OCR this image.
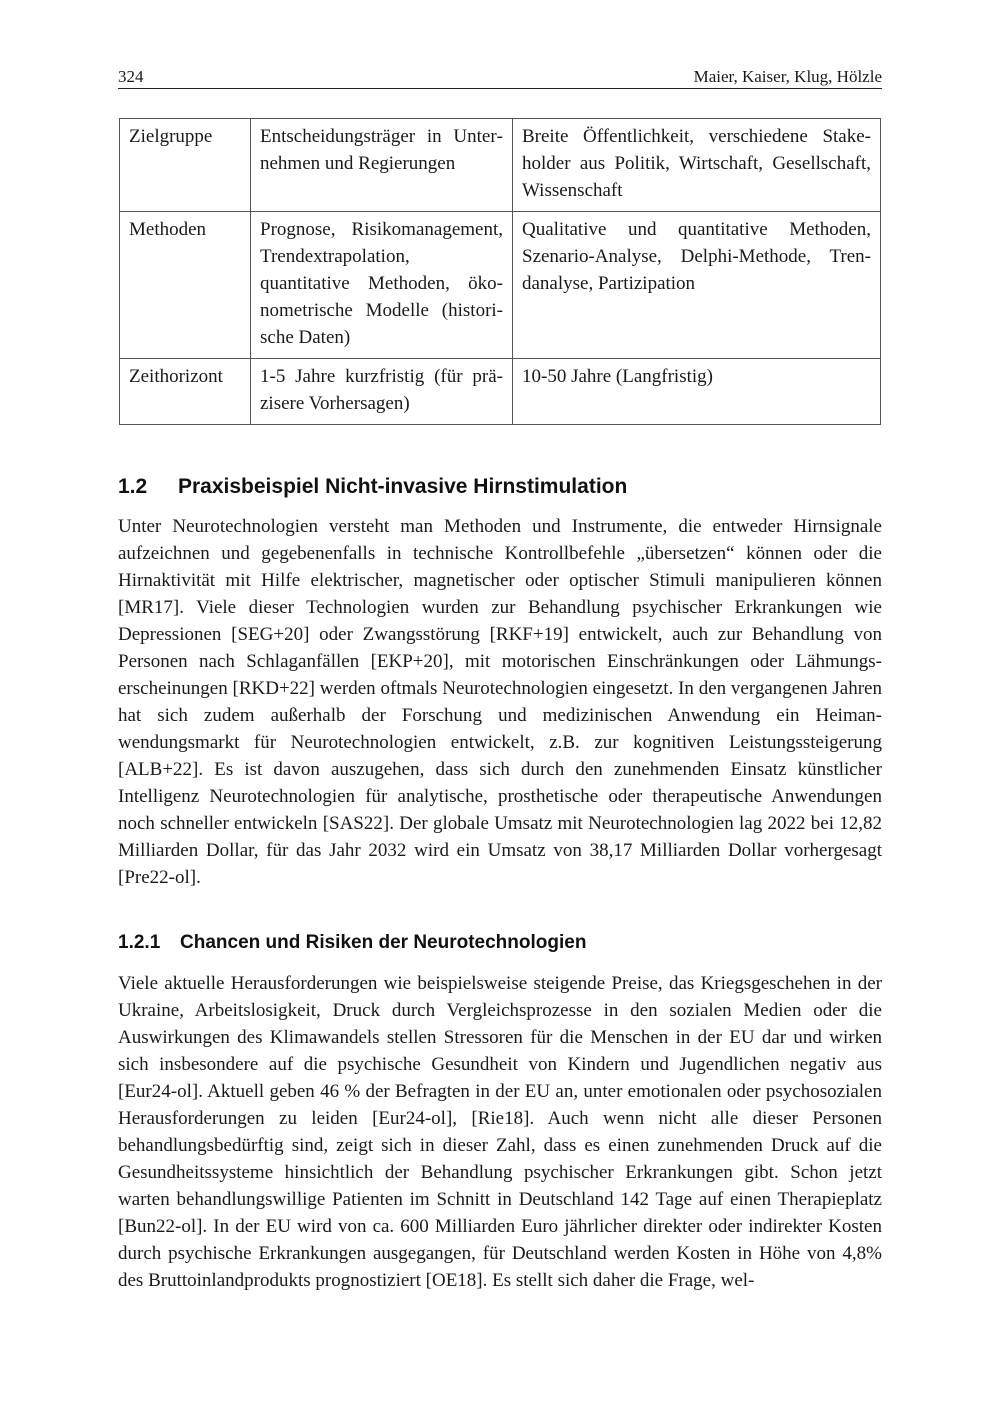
324	Maier, Kaiser, Klug, Hölzle
Zielgruppe	Entscheidungsträger in Unternehmen und Regierungen	Breite Öffentlichkeit, verschiedene Stakeholder aus Politik, Wirtschaft, Gesellschaft, Wissenschaft
Methoden	Prognose, Risikomanagement, Trendextrapolation, quantitative Methoden, ökonometrische Modelle (historische Daten)	Qualitative und quantitative Methoden, Szenario-Analyse, Delphi-Methode, Trendanalyse, Partizipation
Zeithorizont	1-5 Jahre kurzfristig (für präzisere Vorhersagen)	10-50 Jahre (Langfristig)
1.2 Praxisbeispiel Nicht-invasive Hirnstimulation

Unter Neurotechnologien versteht man Methoden und Instrumente, die entweder Hirnsignale aufzeichnen und gegebenenfalls in technische Kontrollbefehle „übersetzen“ können oder die Hirnaktivität mit Hilfe elektrischer, magnetischer oder optischer Stimuli manipulieren können [MR17]. Viele dieser Technologien wurden zur Behandlung psychischer Erkrankungen wie Depressionen [SEG+20] oder Zwangsstörung [RKF+19] entwickelt, auch zur Behandlung von Personen nach Schlaganfällen [EKP+20], mit motorischen Einschränkungen oder Lähmungserscheinungen [RKD+22] werden oftmals Neurotechnologien eingesetzt. In den vergangenen Jahren hat sich zudem außerhalb der Forschung und medizinischen Anwendung ein Heimanwendungsmarkt für Neurotechnologien entwickelt, z.B. zur kognitiven Leistungssteigerung [ALB+22]. Es ist davon auszugehen, dass sich durch den zunehmenden Einsatz künstlicher Intelligenz Neurotechnologien für analytische, prosthetische oder therapeutische Anwendungen noch schneller entwickeln [SAS22]. Der globale Umsatz mit Neurotechnologien lag 2022 bei 12,82 Milliarden Dollar, für das Jahr 2032 wird ein Umsatz von 38,17 Milliarden Dollar vorhergesagt [Pre22-ol].

1.2.1 Chancen und Risiken der Neurotechnologien

Viele aktuelle Herausforderungen wie beispielsweise steigende Preise, das Kriegsgeschehen in der Ukraine, Arbeitslosigkeit, Druck durch Vergleichsprozesse in den sozialen Medien oder die Auswirkungen des Klimawandels stellen Stressoren für die Menschen in der EU dar und wirken sich insbesondere auf die psychische Gesundheit von Kindern und Jugendlichen negativ aus [Eur24-ol]. Aktuell geben 46 % der Befragten in der EU an, unter emotionalen oder psychosozialen Herausforderungen zu leiden [Eur24-ol], [Rie18]. Auch wenn nicht alle dieser Personen behandlungsbedürftig sind, zeigt sich in dieser Zahl, dass es einen zunehmenden Druck auf die Gesundheitssysteme hinsichtlich der Behandlung psychischer Erkrankungen gibt. Schon jetzt warten behandlungswillige Patienten im Schnitt in Deutschland 142 Tage auf einen Therapieplatz [Bun22-ol]. In der EU wird von ca. 600 Milliarden Euro jährlicher direkter oder indirekter Kosten durch psychische Erkrankungen ausgegangen, für Deutschland werden Kosten in Höhe von 4,8% des Bruttoinlandprodukts prognostiziert [OE18]. Es stellt sich daher die Frage, wel-
